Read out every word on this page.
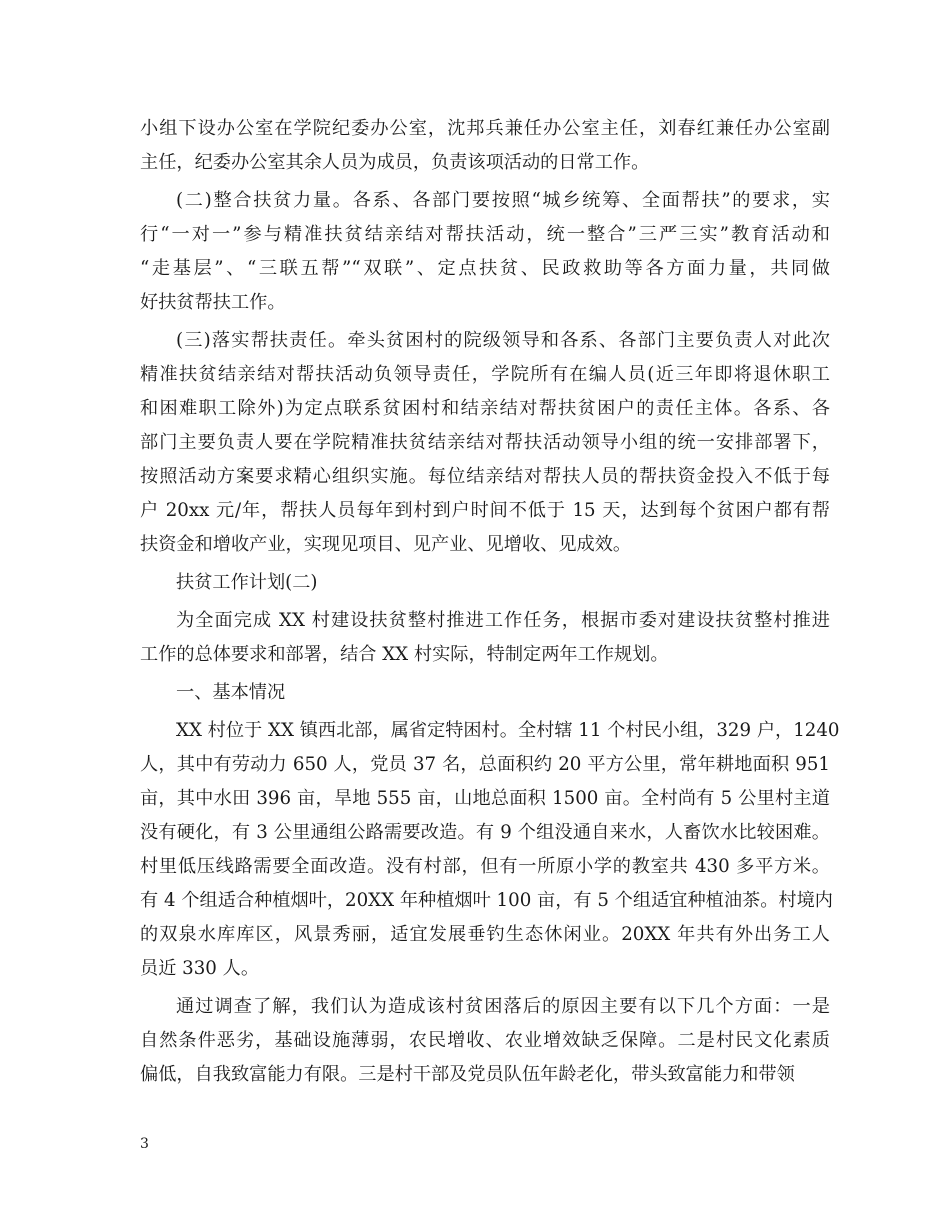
小组下设办公室在学院纪委办公室，沈邦兵兼任办公室主任，刘春红兼任办公室副
主任，纪委办公室其余人员为成员，负责该项活动的日常工作。
(二)整合扶贫力量。各系、各部门要按照“城乡统筹、全面帮扶”的要求，实
行“一对一”参与精准扶贫结亲结对帮扶活动，统一整合”三严三实”教育活动和
“走基层”、“三联五帮”“双联”、定点扶贫、民政救助等各方面力量，共同做
好扶贫帮扶工作。
(三)落实帮扶责任。牵头贫困村的院级领导和各系、各部门主要负责人对此次
精准扶贫结亲结对帮扶活动负领导责任，学院所有在编人员(近三年即将退休职工
和困难职工除外)为定点联系贫困村和结亲结对帮扶贫困户的责任主体。各系、各
部门主要负责人要在学院精准扶贫结亲结对帮扶活动领导小组的统一安排部署下，
按照活动方案要求精心组织实施。每位结亲结对帮扶人员的帮扶资金投入不低于每
户 20xx 元/年，帮扶人员每年到村到户时间不低于 15 天，达到每个贫困户都有帮
扶资金和增收产业，实现见项目、见产业、见增收、见成效。
扶贫工作计划(二)
为全面完成 XX 村建设扶贫整村推进工作任务，根据市委对建设扶贫整村推进
工作的总体要求和部署，结合 XX 村实际，特制定两年工作规划。
一、基本情况
XX 村位于 XX 镇西北部，属省定特困村。全村辖 11 个村民小组，329 户，1240
人，其中有劳动力 650 人，党员 37 名，总面积约 20 平方公里，常年耕地面积 951
亩，其中水田 396 亩，旱地 555 亩，山地总面积 1500 亩。全村尚有 5 公里村主道
没有硬化，有 3 公里通组公路需要改造。有 9 个组没通自来水，人畜饮水比较困难。
村里低压线路需要全面改造。没有村部，但有一所原小学的教室共 430 多平方米。
有 4 个组适合种植烟叶，20XX 年种植烟叶 100 亩，有 5 个组适宜种植油茶。村境内
的双泉水库库区，风景秀丽，适宜发展垂钓生态休闲业。20XX 年共有外出务工人
员近 330 人。
通过调查了解，我们认为造成该村贫困落后的原因主要有以下几个方面：一是
自然条件恶劣，基础设施薄弱，农民增收、农业增效缺乏保障。二是村民文化素质
偏低，自我致富能力有限。三是村干部及党员队伍年龄老化，带头致富能力和带领
3
